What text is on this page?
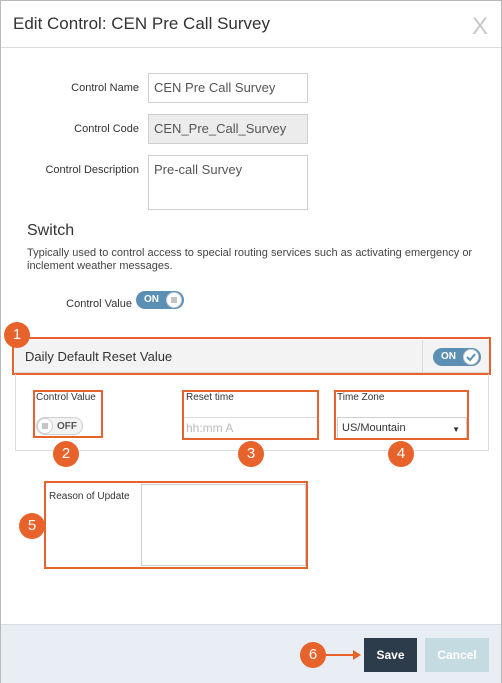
Edit Control: CEN Pre Call Survey	X
Control Name	CEN Pre Call Survey
Control Code	CEN_Pre_Call_Survey
Control Description	Pre-call Survey
Switch
Typically used to control access to special routing services such as activating emergency or inclement weather messages.
Control Value ON
Daily Default Reset Value	ON
1
Control Value
OFF
2
Reset time
hh:mm A
3
Time Zone
US/Mountain	▼
4
Reason of Update
5
6	Save	Cancel
